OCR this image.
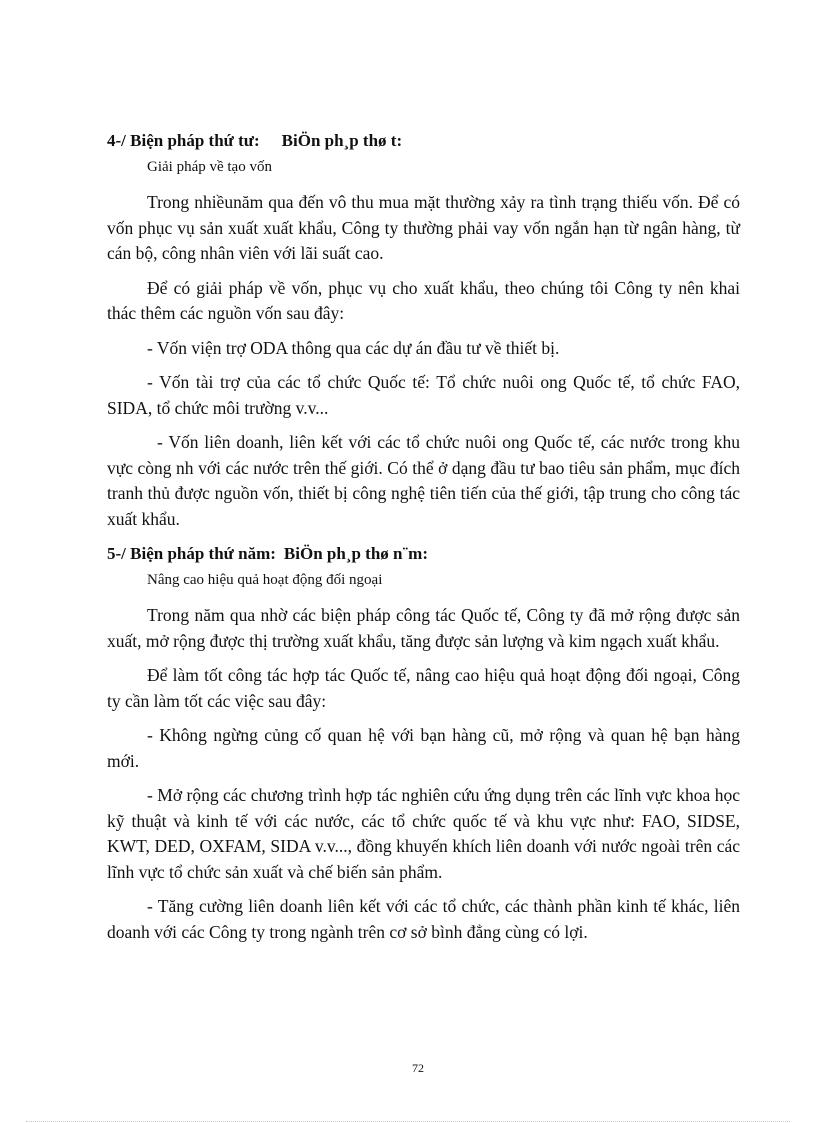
4-/ Biện pháp thứ tư: BiÖn ph¸p thø t:

Giải pháp về tạo vốn

Trong nhiềunăm qua đến vô thu mua mặt thường xảy ra tình trạng thiếu vốn. Để có vốn phục vụ sản xuất xuất khẩu, Công ty thường phải vay vốn ngắn hạn từ ngân hàng, từ cán bộ, công nhân viên với lãi suất cao.

Để có giải pháp về vốn, phục vụ cho xuất khẩu, theo chúng tôi Công ty nên khai thác thêm các nguồn vốn sau đây:

- Vốn viện trợ ODA thông qua các dự án đầu tư về thiết bị.

- Vốn tài trợ của các tổ chức Quốc tế: Tổ chức nuôi ong Quốc tế, tổ chức FAO, SIDA, tổ chức môi trường v.v...

- Vốn liên doanh, liên kết với các tổ chức nuôi ong Quốc tế, các nước trong khu vực còng nh với các nước trên thế giới. Có thể ở dạng đầu tư bao tiêu sản phẩm, mục đích tranh thủ được nguồn vốn, thiết bị công nghệ tiên tiến của thế giới, tập trung cho công tác xuất khẩu.

5-/ Biện pháp thứ năm: BiÖn ph¸p thø n¨m:

Nâng cao hiệu quả hoạt động đối ngoại

Trong năm qua nhờ các biện pháp công tác Quốc tế, Công ty đã mở rộng được sản xuất, mở rộng được thị trường xuất khẩu, tăng được sản lượng và kim ngạch xuất khẩu.

Để làm tốt công tác hợp tác Quốc tế, nâng cao hiệu quả hoạt động đối ngoại, Công ty cần làm tốt các việc sau đây:

- Không ngừng củng cố quan hệ với bạn hàng cũ, mở rộng và quan hệ bạn hàng mới.

- Mở rộng các chương trình hợp tác nghiên cứu ứng dụng trên các lĩnh vực khoa học kỹ thuật và kinh tế với các nước, các tổ chức quốc tế và khu vực như: FAO, SIDSE, KWT, DED, OXFAM, SIDA v.v..., đồng khuyến khích liên doanh với nước ngoài trên các lĩnh vực tổ chức sản xuất và chế biến sản phẩm.

- Tăng cường liên doanh liên kết với các tổ chức, các thành phần kinh tế khác, liên doanh với các Công ty trong ngành trên cơ sở bình đẳng cùng có lợi.

72
